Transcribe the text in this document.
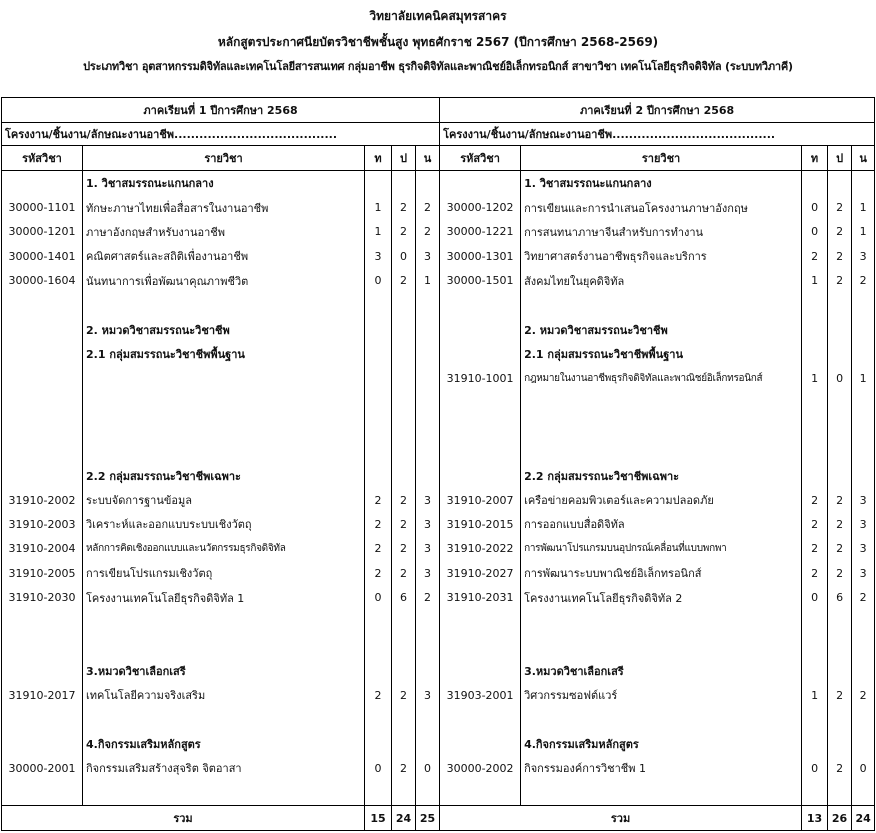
วิทยาลัยเทคนิคสมุทรสาคร
หลักสูตรประกาศนียบัตรวิชาชีพชั้นสูง พุทธศักราช 2567 (ปีการศึกษา 2568-2569)
ประเภทวิชา อุตสาหกรรมดิจิทัลและเทคโนโลยีสารสนเทศ กลุ่มอาชีพ ธุรกิจดิจิทัลและพาณิชย์อิเล็กทรอนิกส์ สาขาวิชา เทคโนโลยีธุรกิจดิจิทัล (ระบบทวิภาคี)
ภาคเรียนที่ 1 ปีการศึกษา 2568					ภาคเรียนที่ 2 ปีการศึกษา 2568				
โครงงาน/ชิ้นงาน/ลักษณะงานอาชีพ.......................................					โครงงาน/ชิ้นงาน/ลักษณะงานอาชีพ.......................................				
รหัสวิชา	รายวิชา	ท	ป	น	รหัสวิชา	รายวิชา	ท	ป	น
	1. วิชาสมรรถนะแกนกลาง					1. วิชาสมรรถนะแกนกลาง			
30000-1101	ทักษะภาษาไทยเพื่อสื่อสารในงานอาชีพ	1	2	2	30000-1202	การเขียนและการนำเสนอโครงงานภาษาอังกฤษ	0	2	1
30000-1201	ภาษาอังกฤษสำหรับงานอาชีพ	1	2	2	30000-1221	การสนทนาภาษาจีนสำหรับการทำงาน	0	2	1
30000-1401	คณิตศาสตร์และสถิติเพื่องานอาชีพ	3	0	3	30000-1301	วิทยาศาสตร์งานอาชีพธุรกิจและบริการ	2	2	3
30000-1604	นันทนาการเพื่อพัฒนาคุณภาพชีวิต	0	2	1	30000-1501	สังคมไทยในยุคดิจิทัล	1	2	2

	2. หมวดวิชาสมรรถนะวิชาชีพ					2. หมวดวิชาสมรรถนะวิชาชีพ			
	2.1 กลุ่มสมรรถนะวิชาชีพพื้นฐาน					2.1 กลุ่มสมรรถนะวิชาชีพพื้นฐาน			
					31910-1001	กฎหมายในงานอาชีพธุรกิจดิจิทัลและพาณิชย์อิเล็กทรอนิกส์	1	0	1

	2.2 กลุ่มสมรรถนะวิชาชีพเฉพาะ					2.2 กลุ่มสมรรถนะวิชาชีพเฉพาะ			
31910-2002	ระบบจัดการฐานข้อมูล	2	2	3	31910-2007	เครือข่ายคอมพิวเตอร์และความปลอดภัย	2	2	3
31910-2003	วิเคราะห์และออกแบบระบบเชิงวัตถุ	2	2	3	31910-2015	การออกแบบสื่อดิจิทัล	2	2	3
31910-2004	หลักการคิดเชิงออกแบบและนวัตกรรมธุรกิจดิจิทัล	2	2	3	31910-2022	การพัฒนาโปรแกรมบนอุปกรณ์เคลื่อนที่แบบพกพา	2	2	3
31910-2005	การเขียนโปรแกรมเชิงวัตถุ	2	2	3	31910-2027	การพัฒนาระบบพาณิชย์อิเล็กทรอนิกส์	2	2	3
31910-2030	โครงงานเทคโนโลยีธุรกิจดิจิทัล 1	0	6	2	31910-2031	โครงงานเทคโนโลยีธุรกิจดิจิทัล 2	0	6	2

	3.หมวดวิชาเลือกเสรี					3.หมวดวิชาเลือกเสรี			
31910-2017	เทคโนโลยีความจริงเสริม	2	2	3	31903-2001	วิศวกรรมซอฟต์แวร์	1	2	2

	4.กิจกรรมเสริมหลักสูตร					4.กิจกรรมเสริมหลักสูตร			
30000-2001	กิจกรรมเสริมสร้างสุจริต จิตอาสา	0	2	0	30000-2002	กิจกรรมองค์การวิชาชีพ 1	0	2	0

รวม		15	24	25	รวม		13	26	24
